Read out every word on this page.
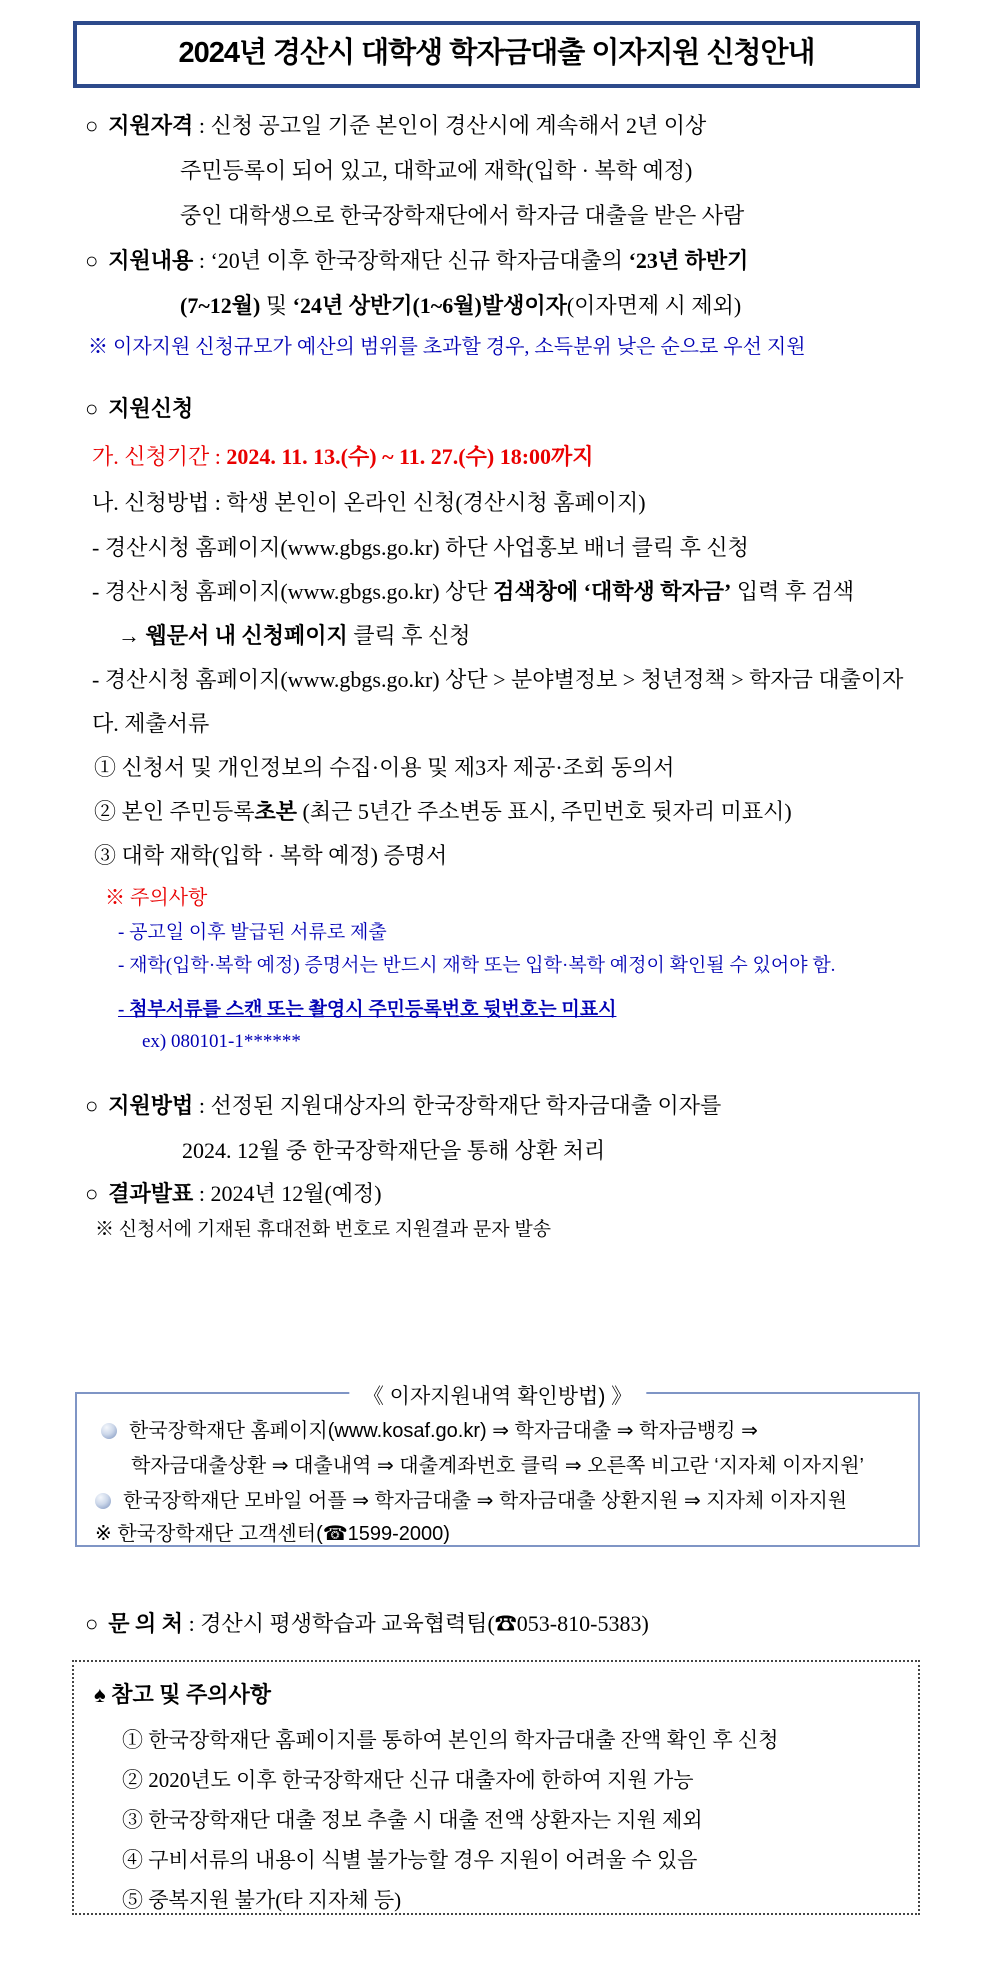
2024년 경산시 대학생 학자금대출 이자지원 신청안내
○ 지원자격 : 신청 공고일 기준 본인이 경산시에 계속해서 2년 이상
주민등록이 되어 있고, 대학교에 재학(입학 · 복학 예정)
중인 대학생으로 한국장학재단에서 학자금 대출을 받은 사람
○ 지원내용 : ‘20년 이후 한국장학재단 신규 학자금대출의 ‘23년 하반기
(7~12월) 및 ‘24년 상반기(1~6월)발생이자(이자면제 시 제외)
※ 이자지원 신청규모가 예산의 범위를 초과할 경우, 소득분위 낮은 순으로 우선 지원
○ 지원신청
가. 신청기간 : 2024. 11. 13.(수) ~ 11. 27.(수) 18:00까지
나. 신청방법 : 학생 본인이 온라인 신청(경산시청 홈페이지)
- 경산시청 홈페이지(www.gbgs.go.kr) 하단 사업홍보 배너 클릭 후 신청
- 경산시청 홈페이지(www.gbgs.go.kr) 상단 검색창에 ‘대학생 학자금’ 입력 후 검색
→ 웹문서 내 신청페이지 클릭 후 신청
- 경산시청 홈페이지(www.gbgs.go.kr) 상단 > 분야별정보 > 청년정책 > 학자금 대출이자
다. 제출서류
① 신청서 및 개인정보의 수집·이용 및 제3자 제공·조회 동의서
② 본인 주민등록초본 (최근 5년간 주소변동 표시, 주민번호 뒷자리 미표시)
③ 대학 재학(입학 · 복학 예정) 증명서
※ 주의사항
- 공고일 이후 발급된 서류로 제출
- 재학(입학·복학 예정) 증명서는 반드시 재학 또는 입학·복학 예정이 확인될 수 있어야 함.
- 첨부서류를 스캔 또는 촬영시 주민등록번호 뒷번호는 미표시
ex) 080101-1******
○ 지원방법 : 선정된 지원대상자의 한국장학재단 학자금대출 이자를
2024. 12월 중 한국장학재단을 통해 상환 처리
○ 결과발표 : 2024년 12월(예정)
※ 신청서에 기재된 휴대전화 번호로 지원결과 문자 발송
《 이자지원내역 확인방법) 》
한국장학재단 홈페이지(www.kosaf.go.kr) ⇒ 학자금대출 ⇒ 학자금뱅킹 ⇒
학자금대출상환 ⇒ 대출내역 ⇒ 대출계좌번호 클릭 ⇒ 오른쪽 비고란 ‘지자체 이자지원’
한국장학재단 모바일 어플 ⇒ 학자금대출 ⇒ 학자금대출 상환지원 ⇒ 지자체 이자지원
※ 한국장학재단 고객센터(☎1599-2000)
○ 문 의 처 : 경산시 평생학습과 교육협력팀(☎053-810-5383)
♠ 참고 및 주의사항
① 한국장학재단 홈페이지를 통하여 본인의 학자금대출 잔액 확인 후 신청
② 2020년도 이후 한국장학재단 신규 대출자에 한하여 지원 가능
③ 한국장학재단 대출 정보 추출 시 대출 전액 상환자는 지원 제외
④ 구비서류의 내용이 식별 불가능할 경우 지원이 어려울 수 있음
⑤ 중복지원 불가(타 지자체 등)
